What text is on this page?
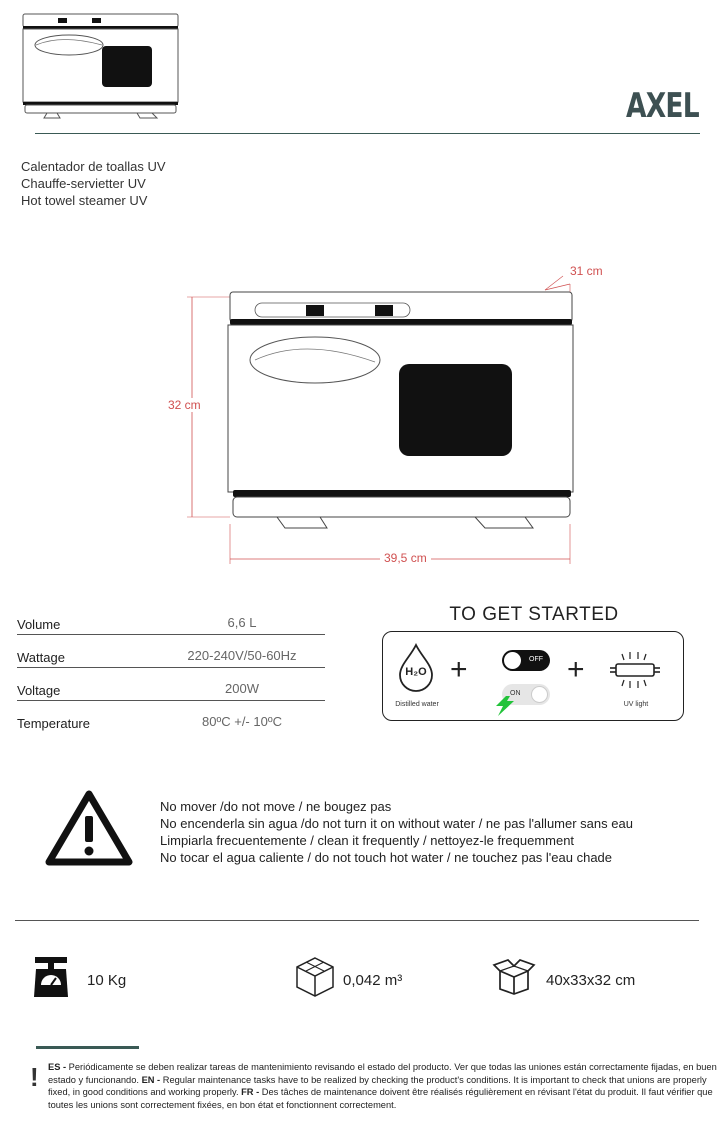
AXEL
Calentador de toallas UV
Chauffe-servietter UV
Hot towel steamer UV
31 cm
32 cm
39,5 cm
Volume	6,6 L
Wattage	220-240V/50-60Hz
Voltage	200W
Temperature	80ºC +/- 10ºC
TO GET STARTED
H₂O
Distilled water
+	OFF
ON
+
UV light
No mover /do not move / ne bougez pas
No encenderla sin agua /do not turn it on without water / ne pas l'allumer sans eau
Limpiarla frecuentemente / clean it frequently / nettoyez-le frequemment
No tocar el agua caliente / do not touch hot water / ne touchez pas l'eau chade
10 Kg	0,042 m³	40x33x32 cm
! ES - Periódicamente se deben realizar tareas de mantenimiento revisando el estado del producto. Ver que todas las uniones están correctamente fijadas, en buen estado y funcionando. EN - Regular maintenance tasks have to be realized by checking the product's conditions. It is important to check that unions are properly fixed, in good conditions and working properly. FR - Des tâches de maintenance doivent être réalisés régulièrement en révisant l'état du produit. Il faut vérifier que toutes les unions sont correctement fixées, en bon état et fonctionnent correctement.
